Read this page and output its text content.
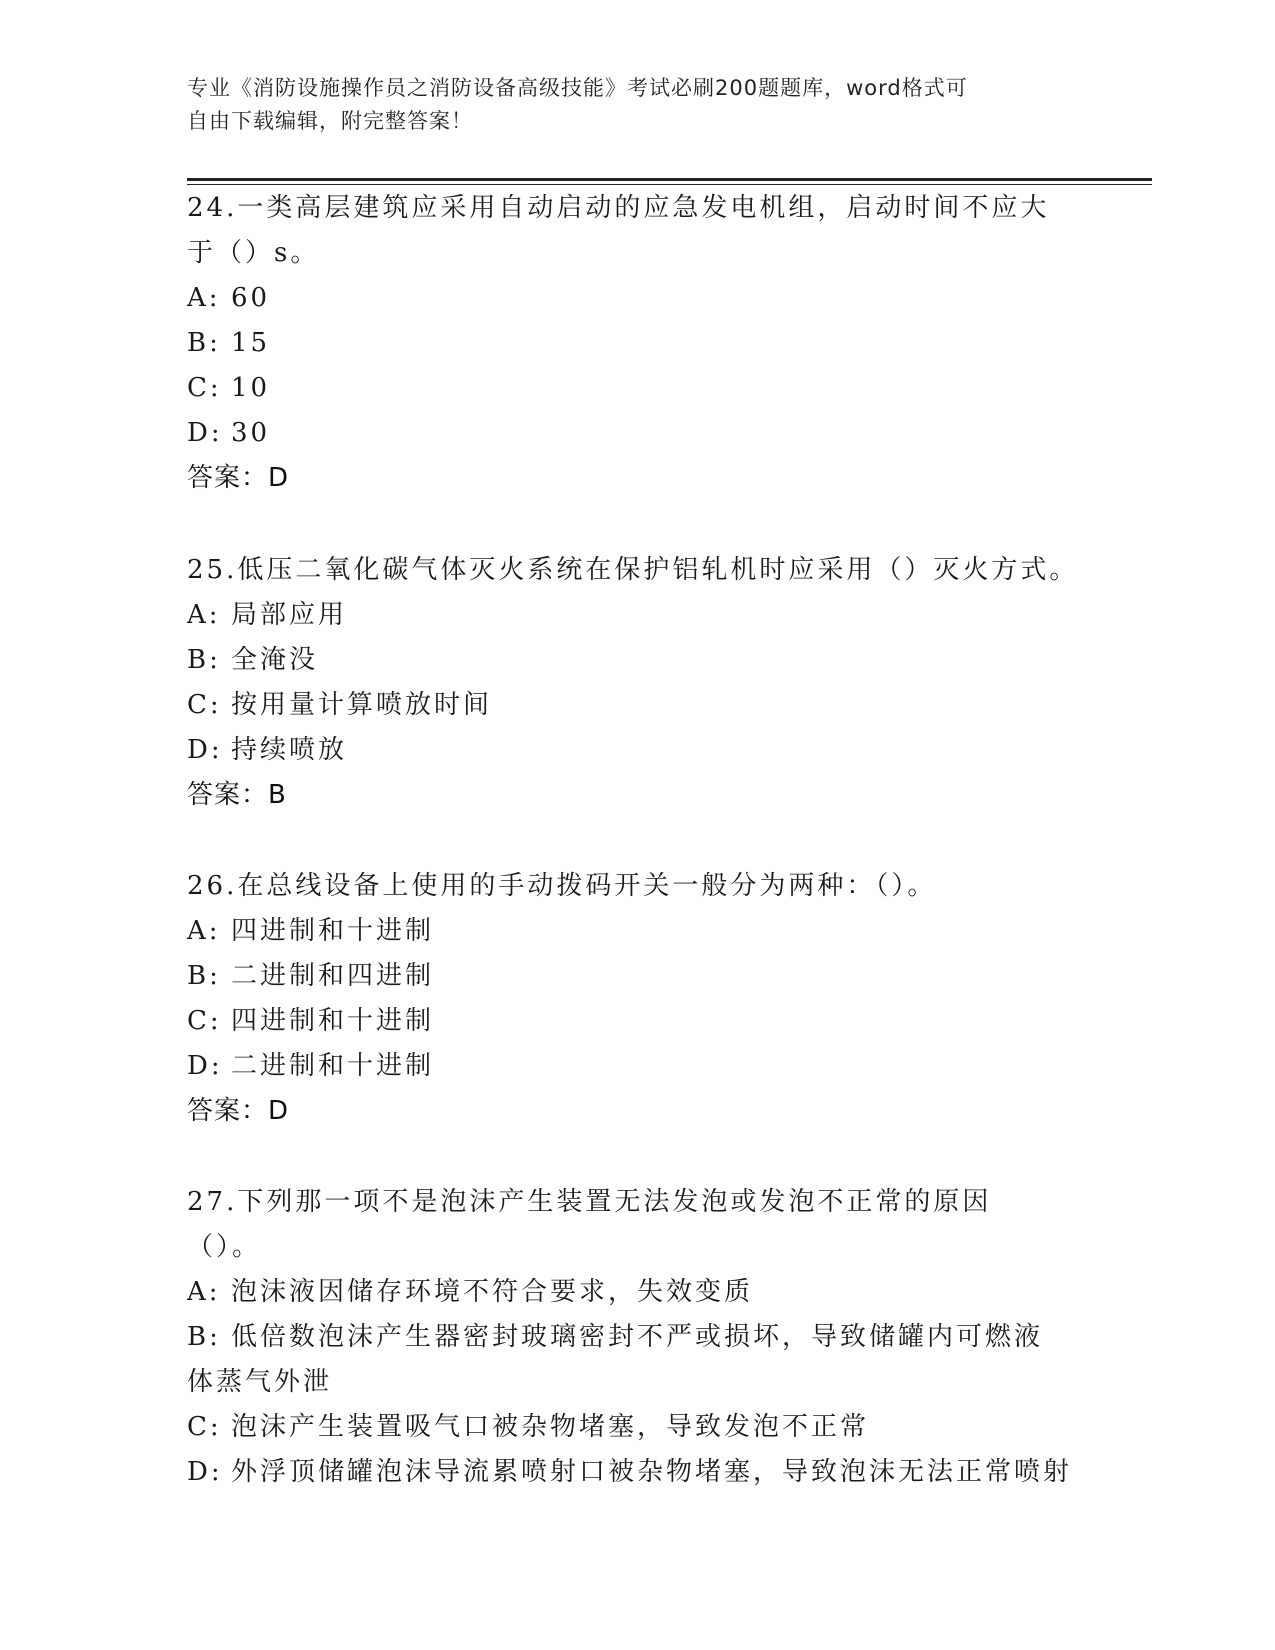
专业《消防设施操作员之消防设备高级技能》考试必刷200题题库，word格式可
自由下载编辑，附完整答案！

24.一类高层建筑应采用自动启动的应急发电机组，启动时间不应大于（）s。

A: 60

B: 15

C: 10

D: 30

答案：D

25.低压二氧化碳气体灭火系统在保护铝轧机时应采用（）灭火方式。

A: 局部应用

B: 全淹没

C: 按用量计算喷放时间

D: 持续喷放

答案：B

26.在总线设备上使用的手动拨码开关一般分为两种：（）。

A: 四进制和十进制

B: 二进制和四进制

C: 四进制和十进制

D: 二进制和十进制

答案：D

27.下列那一项不是泡沫产生装置无法发泡或发泡不正常的原因（）。

A: 泡沫液因储存环境不符合要求，失效变质

B: 低倍数泡沫产生器密封玻璃密封不严或损坏，导致储罐内可燃液体蒸气外泄

C: 泡沫产生装置吸气口被杂物堵塞，导致发泡不正常

D: 外浮顶储罐泡沫导流累喷射口被杂物堵塞，导致泡沫无法正常喷射
